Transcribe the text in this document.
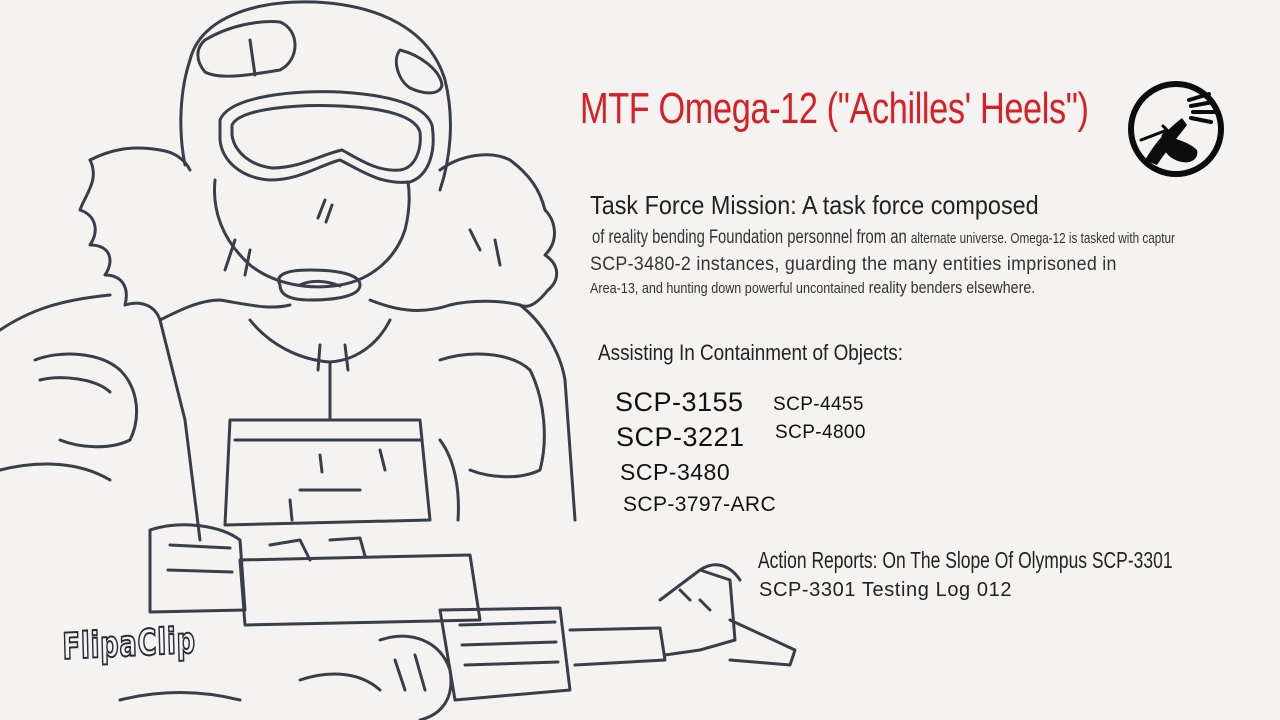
MTF Omega-12 ("Achilles' Heels")
Task Force Mission: A task force composed
of reality bending Foundation personnel from an alternate universe. Omega-12 is tasked with captur
SCP-3480-2 instances, guarding the many entities imprisoned in
Area-13, and hunting down powerful uncontained reality benders elsewhere.
Assisting In Containment of Objects:
SCP-3155
SCP-3221
SCP-3480
SCP-3797-ARC
SCP-4455
SCP-4800
Action Reports: On The Slope Of Olympus SCP-3301
SCP-3301 Testing Log 012
FlipaClip
